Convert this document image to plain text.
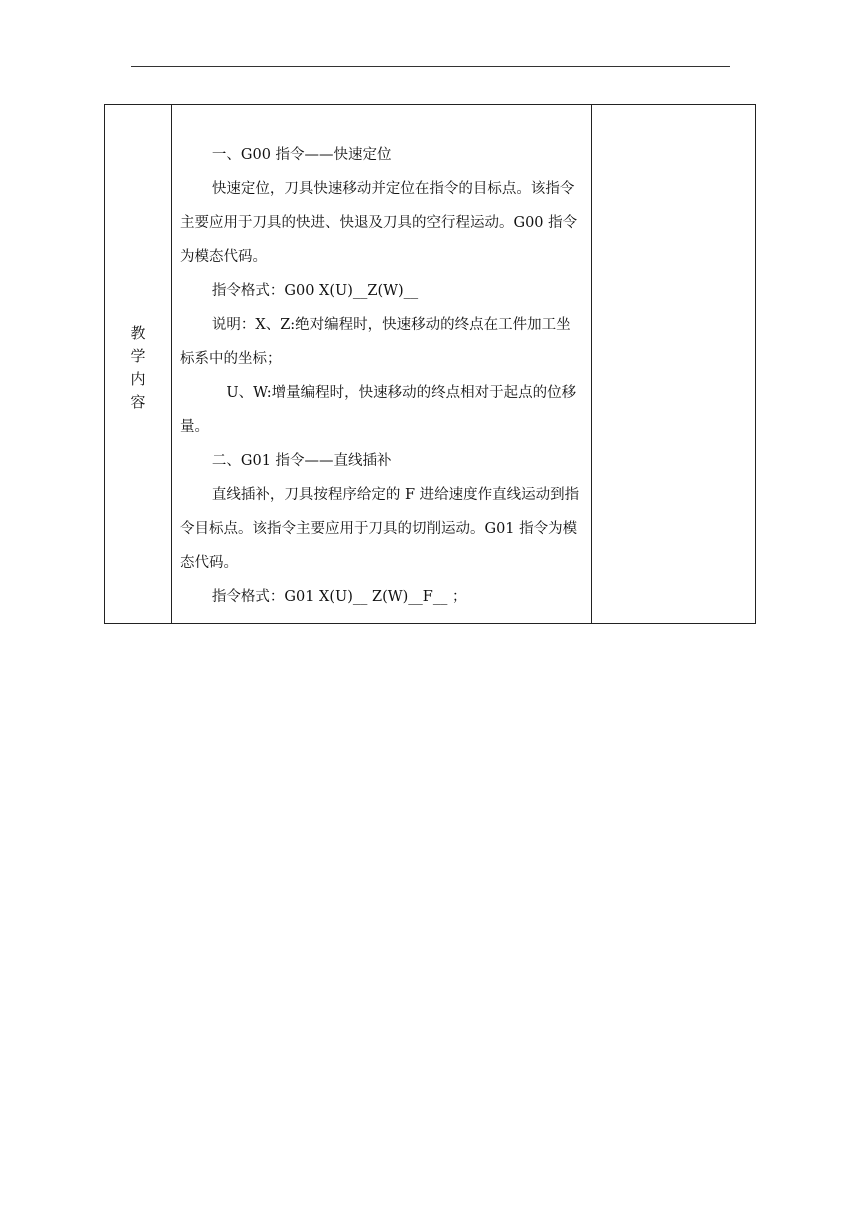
教学内容	

一、G00 指令——快速定位

快速定位，刀具快速移动并定位在指令的目标点。该指令主要应用于刀具的快进、快退及刀具的空行程运动。G00 指令为模态代码。

指令格式：G00 X(U)__Z(W)__

说明：X、Z:绝对编程时，快速移动的终点在工件加工坐标系中的坐标；

U、W:增量编程时，快速移动的终点相对于起点的位移量。

二、G01 指令——直线插补

直线插补，刀具按程序给定的 F 进给速度作直线运动到指令目标点。该指令主要应用于刀具的切削运动。G01 指令为模态代码。

指令格式：G01 X(U)__ Z(W)__F__ ；
